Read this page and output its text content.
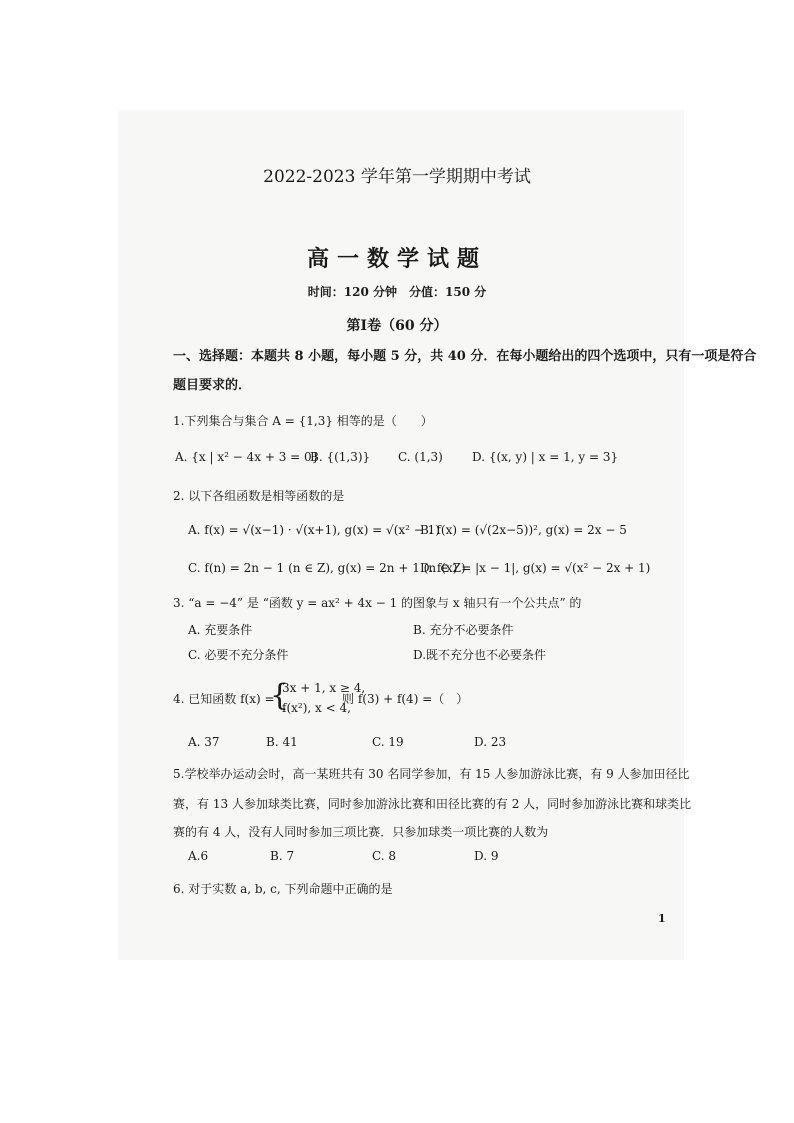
2022-2023 学年第一学期期中考试
高一数学试题
时间：120 分钟　分值：150 分
第Ⅰ卷（60 分）
一、选择题：本题共 8 小题，每小题 5 分，共 40 分．在每小题给出的四个选项中，只有一项是符合
题目要求的．
1.下列集合与集合 A = {1,3} 相等的是（　　）
A. {x | x² − 4x + 3 = 0}
B. {(1,3)} C. (1,3) D. {(x, y) | x = 1, y = 3}
2. 以下各组函数是相等函数的是
A. f(x) = √(x−1) · √(x+1), g(x) = √(x² − 1)
B. f(x) = (√(2x−5))², g(x) = 2x − 5
C. f(n) = 2n − 1 (n ∈ Z), g(x) = 2n + 1 (n ∈ Z)
D. f(x) = |x − 1|, g(x) = √(x² − 2x + 1)
3. “a = −4” 是 “函数 y = ax² + 4x − 1 的图象与 x 轴只有一个公共点” 的
A. 充要条件	B. 充分不必要条件
C. 必要不充分条件	D.既不充分也不必要条件
4. 已知函数 f(x) =
{
3x + 1, x ≥ 4,
f(x²), x < 4,
则 f(3) + f(4) =（　）
A. 37	B. 41	C. 19	D. 23
5.学校举办运动会时，高一某班共有 30 名同学参加，有 15 人参加游泳比赛，有 9 人参加田径比
赛，有 13 人参加球类比赛，同时参加游泳比赛和田径比赛的有 2 人，同时参加游泳比赛和球类比
赛的有 4 人，没有人同时参加三项比赛．只参加球类一项比赛的人数为
A.6	B. 7	C. 8	D. 9
6. 对于实数 a, b, c, 下列命题中正确的是
1
